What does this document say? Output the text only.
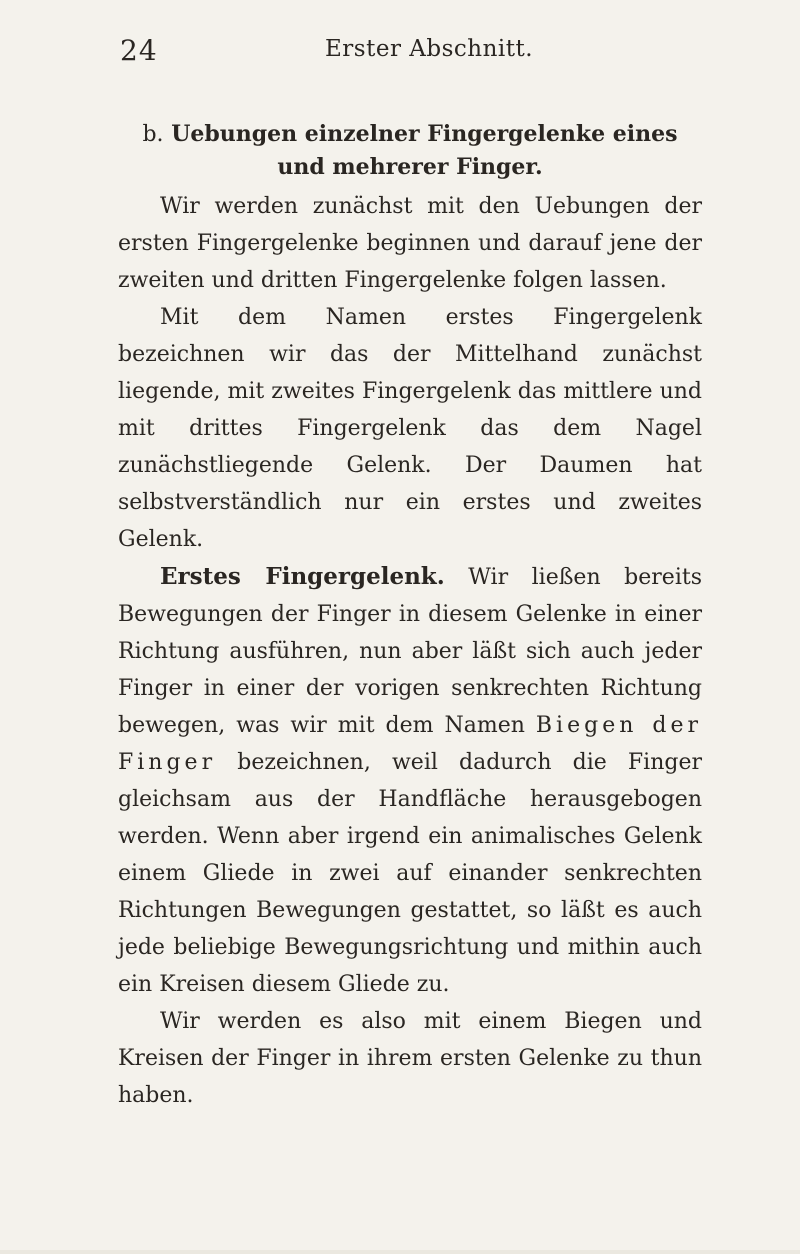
24	Erster Abschnitt.
b. Uebungen einzelner Fingergelenke eines und mehrerer Finger.

Wir werden zunächst mit den Uebungen der ersten Fingergelenke beginnen und darauf jene der zweiten und dritten Fingergelenke folgen lassen.

Mit dem Namen erstes Fingergelenk bezeichnen wir das der Mittelhand zunächst liegende, mit zweites Fingergelenk das mittlere und mit drittes Fingergelenk das dem Nagel zunächstliegende Gelenk. Der Daumen hat selbstverständlich nur ein erstes und zweites Gelenk.

Erstes Fingergelenk. Wir ließen bereits Bewegungen der Finger in diesem Gelenke in einer Richtung ausführen, nun aber läßt sich auch jeder Finger in einer der vorigen senkrechten Richtung bewegen, was wir mit dem Namen Biegen der Finger bezeichnen, weil dadurch die Finger gleichsam aus der Handfläche herausgebogen werden. Wenn aber irgend ein animalisches Gelenk einem Gliede in zwei auf einander senkrechten Richtungen Bewegungen gestattet, so läßt es auch jede beliebige Bewegungsrichtung und mithin auch ein Kreisen diesem Gliede zu.

Wir werden es also mit einem Biegen und Kreisen der Finger in ihrem ersten Gelenke zu thun haben.
